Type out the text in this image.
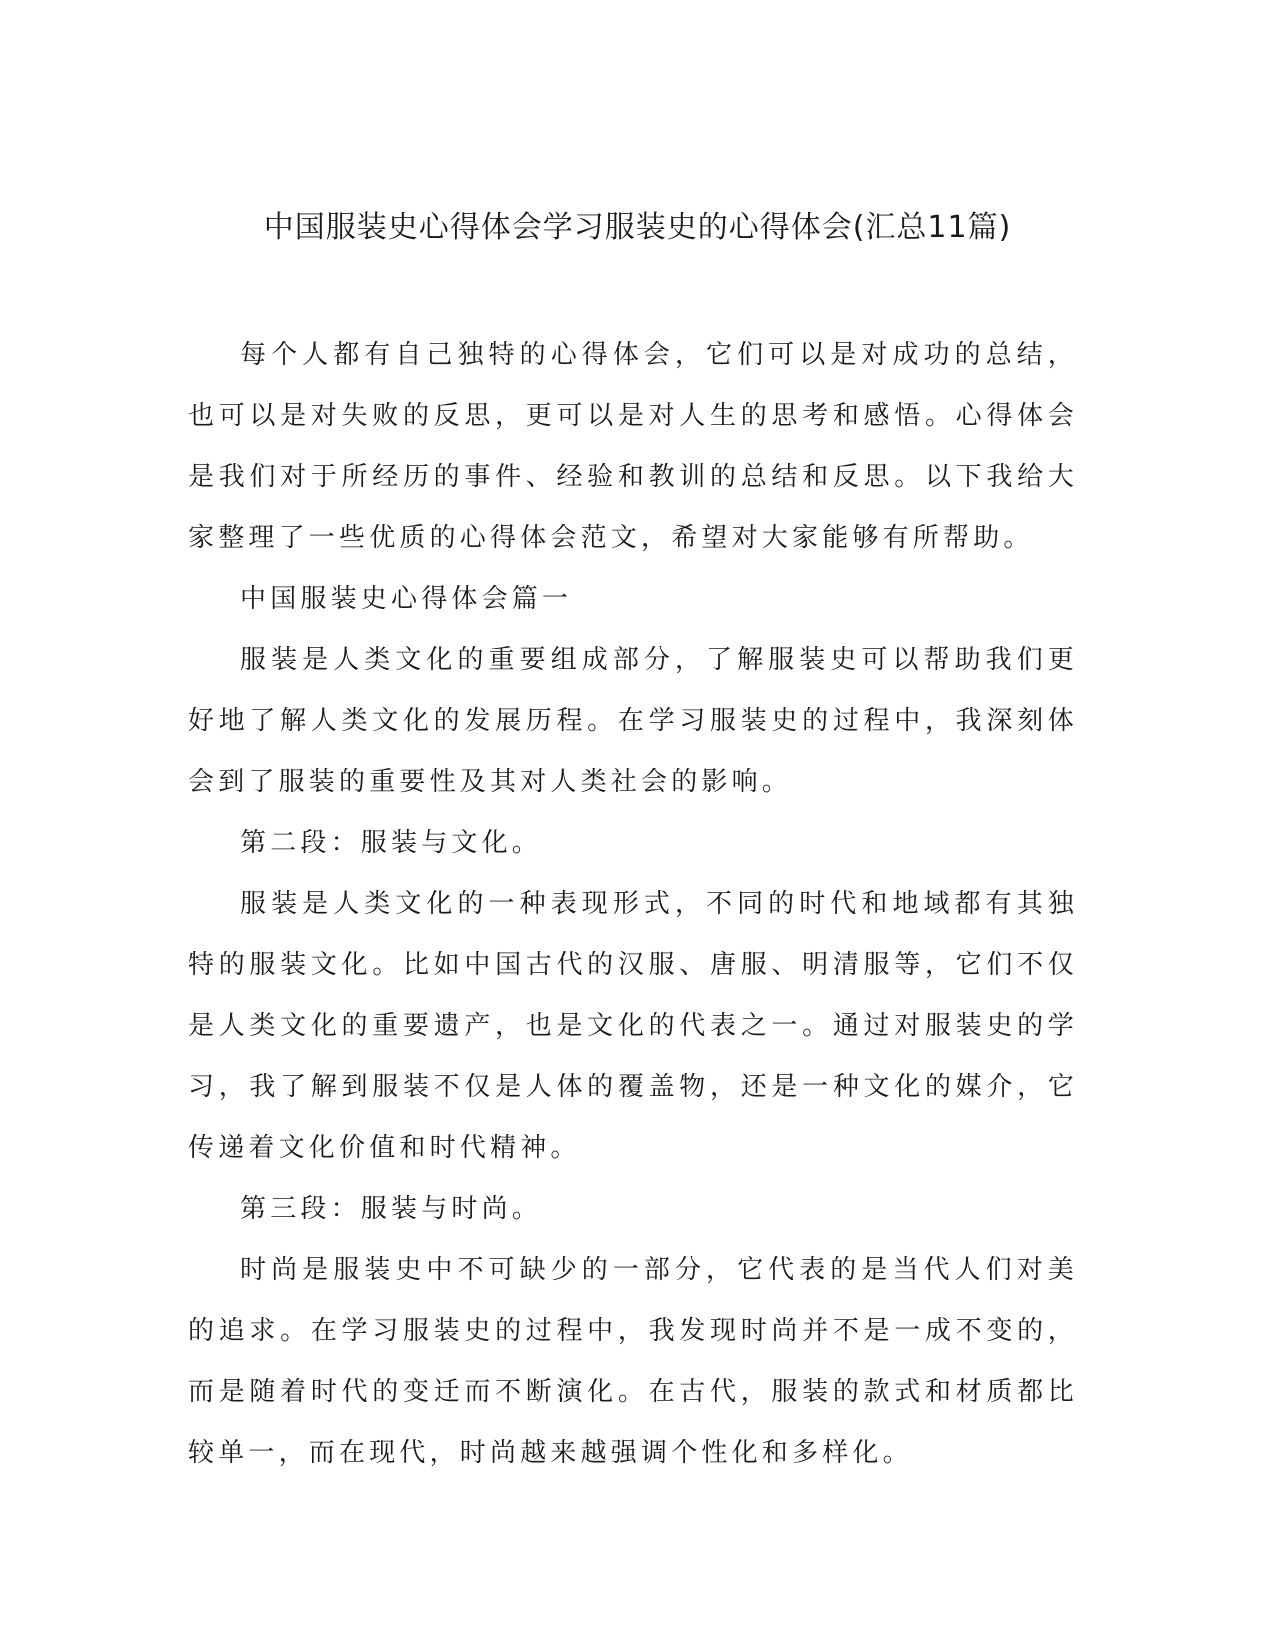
中国服装史心得体会学习服装史的心得体会(汇总11篇)

每个人都有自己独特的心得体会，它们可以是对成功的总结，也可以是对失败的反思，更可以是对人生的思考和感悟。心得体会是我们对于所经历的事件、经验和教训的总结和反思。以下我给大家整理了一些优质的心得体会范文，希望对大家能够有所帮助。

中国服装史心得体会篇一

服装是人类文化的重要组成部分，了解服装史可以帮助我们更好地了解人类文化的发展历程。在学习服装史的过程中，我深刻体会到了服装的重要性及其对人类社会的影响。

第二段：服装与文化。

服装是人类文化的一种表现形式，不同的时代和地域都有其独特的服装文化。比如中国古代的汉服、唐服、明清服等，它们不仅是人类文化的重要遗产，也是文化的代表之一。通过对服装史的学习，我了解到服装不仅是人体的覆盖物，还是一种文化的媒介，它传递着文化价值和时代精神。

第三段：服装与时尚。

时尚是服装史中不可缺少的一部分，它代表的是当代人们对美的追求。在学习服装史的过程中，我发现时尚并不是一成不变的，而是随着时代的变迁而不断演化。在古代，服装的款式和材质都比较单一，而在现代，时尚越来越强调个性化和多样化。
